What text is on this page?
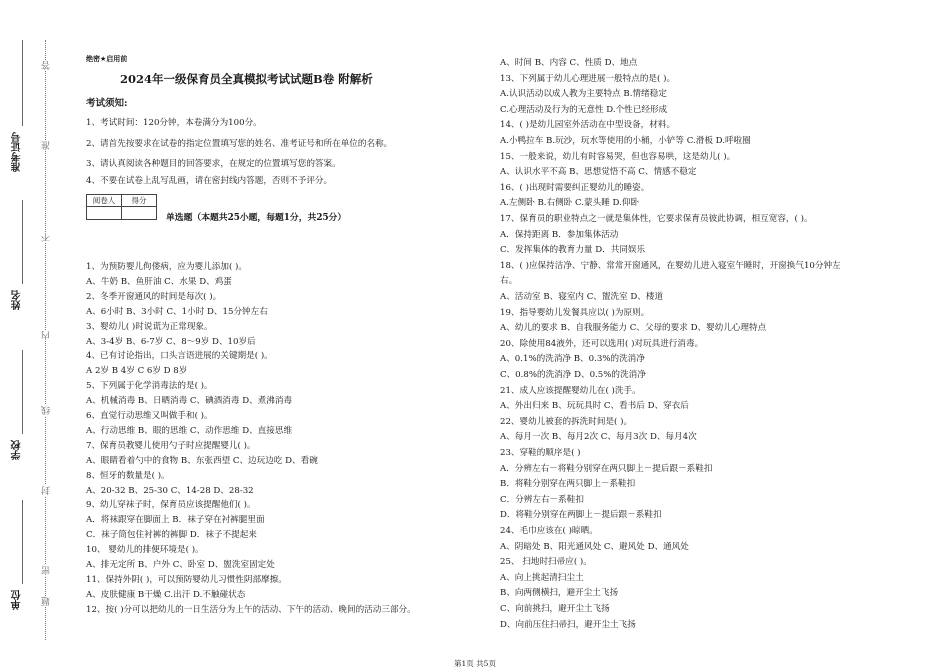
准考证号
姓名
学校
单位
答
准
不
内
线
封
密
题
绝密★启用前
2024年一级保育员全真模拟考试试题B卷 附解析
考试须知:
1、考试时间：120分钟，本卷满分为100分。
2、请首先按要求在试卷的指定位置填写您的姓名、准考证号和所在单位的名称。
3、请认真阅读各种题目的回答要求，在规定的位置填写您的答案。
4、不要在试卷上乱写乱画，请在密封线内答题，否则不予评分。
阅卷人	得分

单选题（本题共25小题，每题1分，共25分）
1、为预防婴儿佝偻病，应为婴儿添加( )。
A、牛奶 B、鱼肝油 C、水果 D、鸡蛋
2、冬季开窗通风的时间是每次( )。
A、6小时 B、3小时 C、1小时 D、15分钟左右
3、婴幼儿( )时说谎为正常现象。
A、3-4岁 B、6-7岁 C、8～9岁 D、10岁后
4、已有讨论指出，口头言语进展的关键期是( )。
A 2岁 B 4岁 C 6岁 D 8岁
5、下列属于化学消毒法的是( )。
A、机械消毒 B、日晒消毒 C、碘酒消毒 D、煮沸消毒
6、直觉行动思维又叫做手和( )。
A、行动思维 B、眼的思维 C、动作思维 D、直接思维
7、保育员教婴儿使用勺子时应提醒婴儿( )。
A、眼睛看着勺中的食物 B、东张西望 C、边玩边吃 D、看碗
8、恒牙的数量是( )。
A、20-32 B、25-30 C、14-28 D、28-32
9、幼儿穿袜子时，保育员应该提醒他们( )。
A．将袜跟穿在脚面上 B．袜子穿在衬裤腿里面
C．袜子筒包住衬裤的裤脚 D．袜子不提起来
10、 婴幼儿的排便环境是( )。
A、排无定所 B、户外 C、卧室 D、盥洗室固定处
11、保持外阴( )，可以预防婴幼儿习惯性阴部摩擦。
A、皮肤健康 B干燥 C.出汗 D.不触碰状态
12、按( )分可以把幼儿的一日生活分为上午的活动、下午的活动、晚间的活动三部分。
A、时间 B、内容 C、性质 D、地点
13、下列属于幼儿心理进展一般特点的是( )。
A.认识活动以成人教为主要特点 B.情绪稳定
C.心理活动及行为的无意性 D.个性已经形成
14、( )是幼儿园室外活动在中型设备，材料。
A.小鸭拉车 B.玩沙，玩水等使用的小桶，小铲等 C.滑板 D.呼啦圈
15、一般来说，幼儿有时容易哭，但也容易哄，这是幼儿( )。
A、认识水平不高 B、思想觉悟不高 C、情感不稳定
16、( )出现时需要纠正婴幼儿的睡姿。
A.左侧卧 B.右侧卧 C.蒙头睡 D.仰卧
17、保育员的职业特点之一就是集体性，它要求保育员彼此协调，相互宽容，( )。
A．保持距离 B．参加集体活动
C．发挥集体的教育力量 D．共同娱乐
18、( )应保持洁净、宁静、常常开窗通风，在婴幼儿进入寝室午睡时，开窗换气10分钟左
右。
A、活动室 B、寝室内 C、盥洗室 D、楼道
19、指导婴幼儿发餐具应以( )为原则。
A、幼儿的要求 B、自我服务能力 C、父母的要求 D、婴幼儿心理特点
20、除使用84液外，还可以选用( )对玩具进行消毒。
A、0.1%的洗消净 B、0.3%的洗消净
C、0.8%的洗消净 D、0.5%的洗消净
21、成人应该提醒婴幼儿在( )洗手。
A、外出归来 B、玩玩具时 C、看书后 D、穿衣后
22、婴幼儿被套的拆洗时间是( )。
A、每月一次 B、每月2次 C、每月3次 D、每月4次
23、穿鞋的顺序是( )
A．分辨左右－将鞋分别穿在两只脚上－提后跟－系鞋扣
B．将鞋分别穿在两只脚上－系鞋扣
C．分辨左右－系鞋扣
D．将鞋分别穿在两脚上－提后跟－系鞋扣
24、毛巾应该在( )晾晒。
A、阴暗处 B、阳光通风处 C、避风处 D、通风处
25、 扫地时扫帚应( )。
A、向上挑起清扫尘土
B、向两侧横扫，避开尘土飞扬
C、向前挑扫，避开尘土飞扬
D、向前压住扫帚扫，避开尘土飞扬
第1页 共5页
